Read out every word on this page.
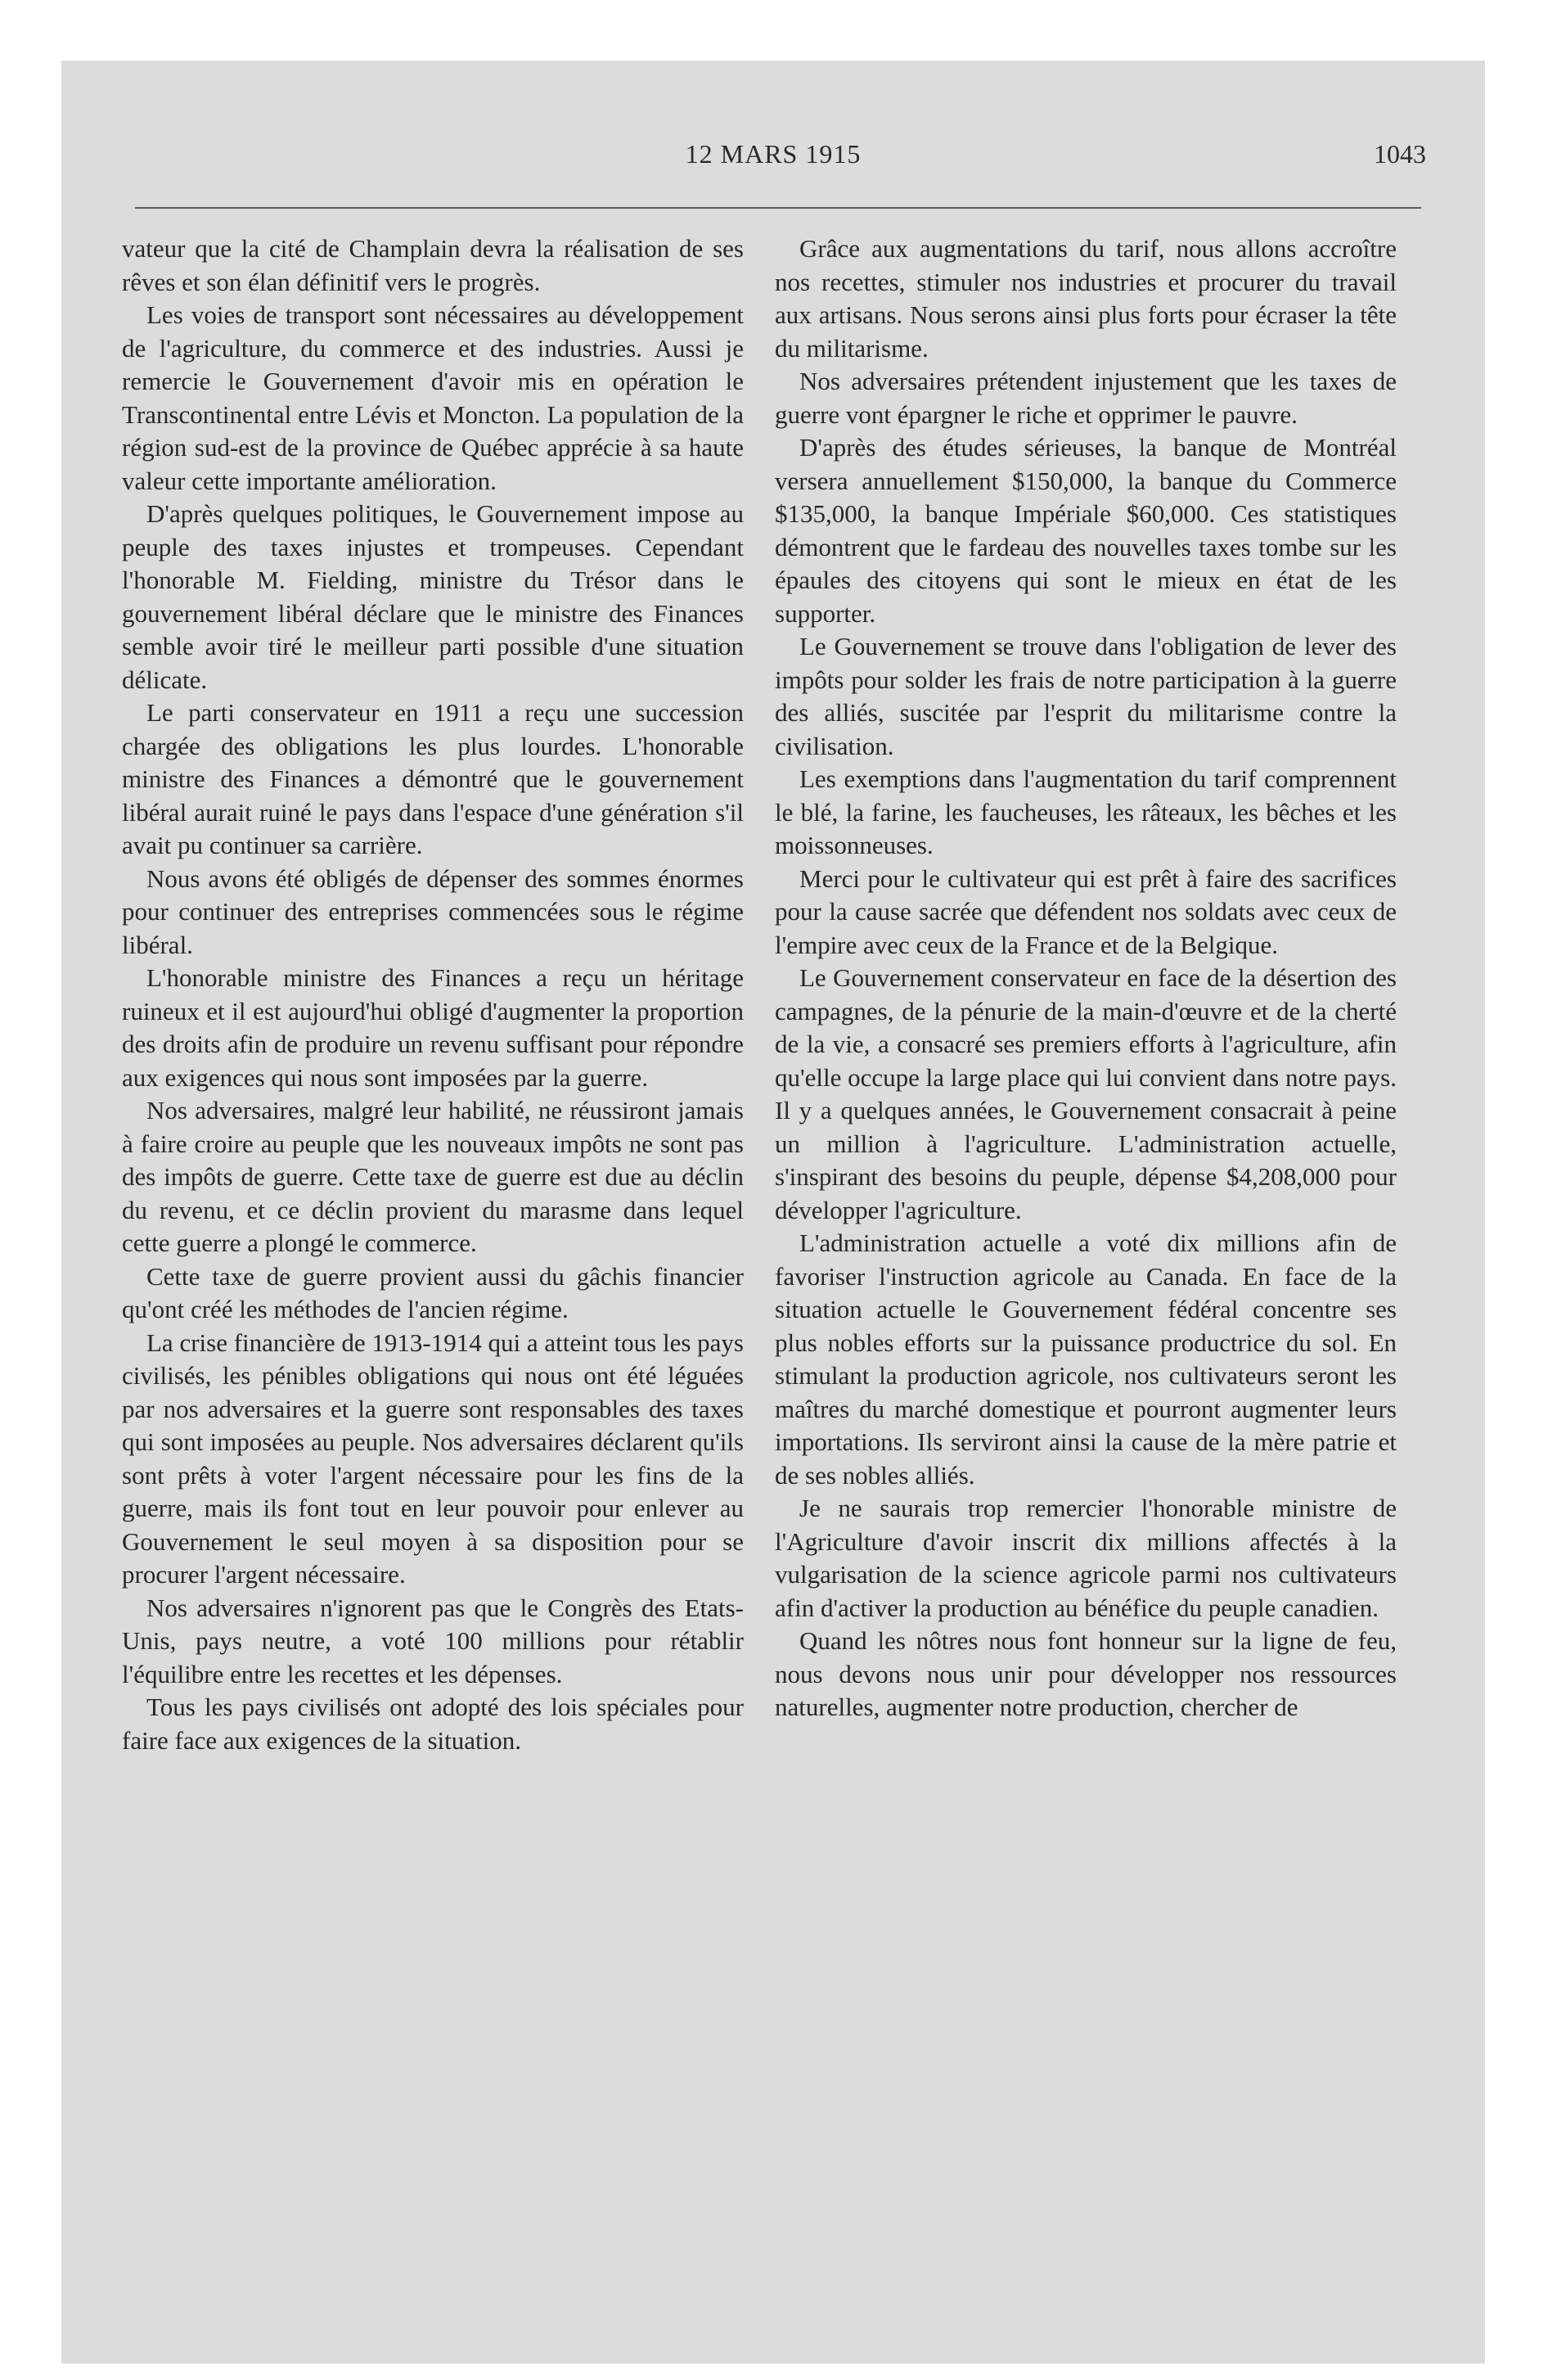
12 MARS 1915	1043

vateur que la cité de Champlain devra la réalisation de ses rêves et son élan définitif vers le progrès.

Les voies de transport sont nécessaires au développement de l'agriculture, du commerce et des industries. Aussi je remercie le Gouvernement d'avoir mis en opération le Transcontinental entre Lévis et Moncton. La population de la région sud-est de la province de Québec apprécie à sa haute valeur cette importante amélioration.

D'après quelques politiques, le Gouvernement impose au peuple des taxes injustes et trompeuses. Cependant l'honorable M. Fielding, ministre du Trésor dans le gouvernement libéral déclare que le ministre des Finances semble avoir tiré le meilleur parti possible d'une situation délicate.

Le parti conservateur en 1911 a reçu une succession chargée des obligations les plus lourdes. L'honorable ministre des Finances a démontré que le gouvernement libéral aurait ruiné le pays dans l'espace d'une génération s'il avait pu continuer sa carrière.

Nous avons été obligés de dépenser des sommes énormes pour continuer des entreprises commencées sous le régime libéral.

L'honorable ministre des Finances a reçu un héritage ruineux et il est aujourd'hui obligé d'augmenter la proportion des droits afin de produire un revenu suffisant pour répondre aux exigences qui nous sont imposées par la guerre.

Nos adversaires, malgré leur habilité, ne réussiront jamais à faire croire au peuple que les nouveaux impôts ne sont pas des impôts de guerre. Cette taxe de guerre est due au déclin du revenu, et ce déclin provient du marasme dans lequel cette guerre a plongé le commerce.

Cette taxe de guerre provient aussi du gâchis financier qu'ont créé les méthodes de l'ancien régime.

La crise financière de 1913-1914 qui a atteint tous les pays civilisés, les pénibles obligations qui nous ont été léguées par nos adversaires et la guerre sont responsables des taxes qui sont imposées au peuple. Nos adversaires déclarent qu'ils sont prêts à voter l'argent nécessaire pour les fins de la guerre, mais ils font tout en leur pouvoir pour enlever au Gouvernement le seul moyen à sa disposition pour se procurer l'argent nécessaire.

Nos adversaires n'ignorent pas que le Congrès des Etats-Unis, pays neutre, a voté 100 millions pour rétablir l'équilibre entre les recettes et les dépenses.

Tous les pays civilisés ont adopté des lois spéciales pour faire face aux exigences de la situation.

Grâce aux augmentations du tarif, nous allons accroître nos recettes, stimuler nos industries et procurer du travail aux artisans. Nous serons ainsi plus forts pour écraser la tête du militarisme.

Nos adversaires prétendent injustement que les taxes de guerre vont épargner le riche et opprimer le pauvre.

D'après des études sérieuses, la banque de Montréal versera annuellement $150,000, la banque du Commerce $135,000, la banque Impériale $60,000. Ces statistiques démontrent que le fardeau des nouvelles taxes tombe sur les épaules des citoyens qui sont le mieux en état de les supporter.

Le Gouvernement se trouve dans l'obligation de lever des impôts pour solder les frais de notre participation à la guerre des alliés, suscitée par l'esprit du militarisme contre la civilisation.

Les exemptions dans l'augmentation du tarif comprennent le blé, la farine, les faucheuses, les râteaux, les bêches et les moissonneuses.

Merci pour le cultivateur qui est prêt à faire des sacrifices pour la cause sacrée que défendent nos soldats avec ceux de l'empire avec ceux de la France et de la Belgique.

Le Gouvernement conservateur en face de la désertion des campagnes, de la pénurie de la main-d'œuvre et de la cherté de la vie, a consacré ses premiers efforts à l'agriculture, afin qu'elle occupe la large place qui lui convient dans notre pays. Il y a quelques années, le Gouvernement consacrait à peine un million à l'agriculture. L'administration actuelle, s'inspirant des besoins du peuple, dépense $4,208,000 pour développer l'agriculture.

L'administration actuelle a voté dix millions afin de favoriser l'instruction agricole au Canada. En face de la situation actuelle le Gouvernement fédéral concentre ses plus nobles efforts sur la puissance productrice du sol. En stimulant la production agricole, nos cultivateurs seront les maîtres du marché domestique et pourront augmenter leurs importations. Ils serviront ainsi la cause de la mère patrie et de ses nobles alliés.

Je ne saurais trop remercier l'honorable ministre de l'Agriculture d'avoir inscrit dix millions affectés à la vulgarisation de la science agricole parmi nos cultivateurs afin d'activer la production au bénéfice du peuple canadien.

Quand les nôtres nous font honneur sur la ligne de feu, nous devons nous unir pour développer nos ressources naturelles, augmenter notre production, chercher de
